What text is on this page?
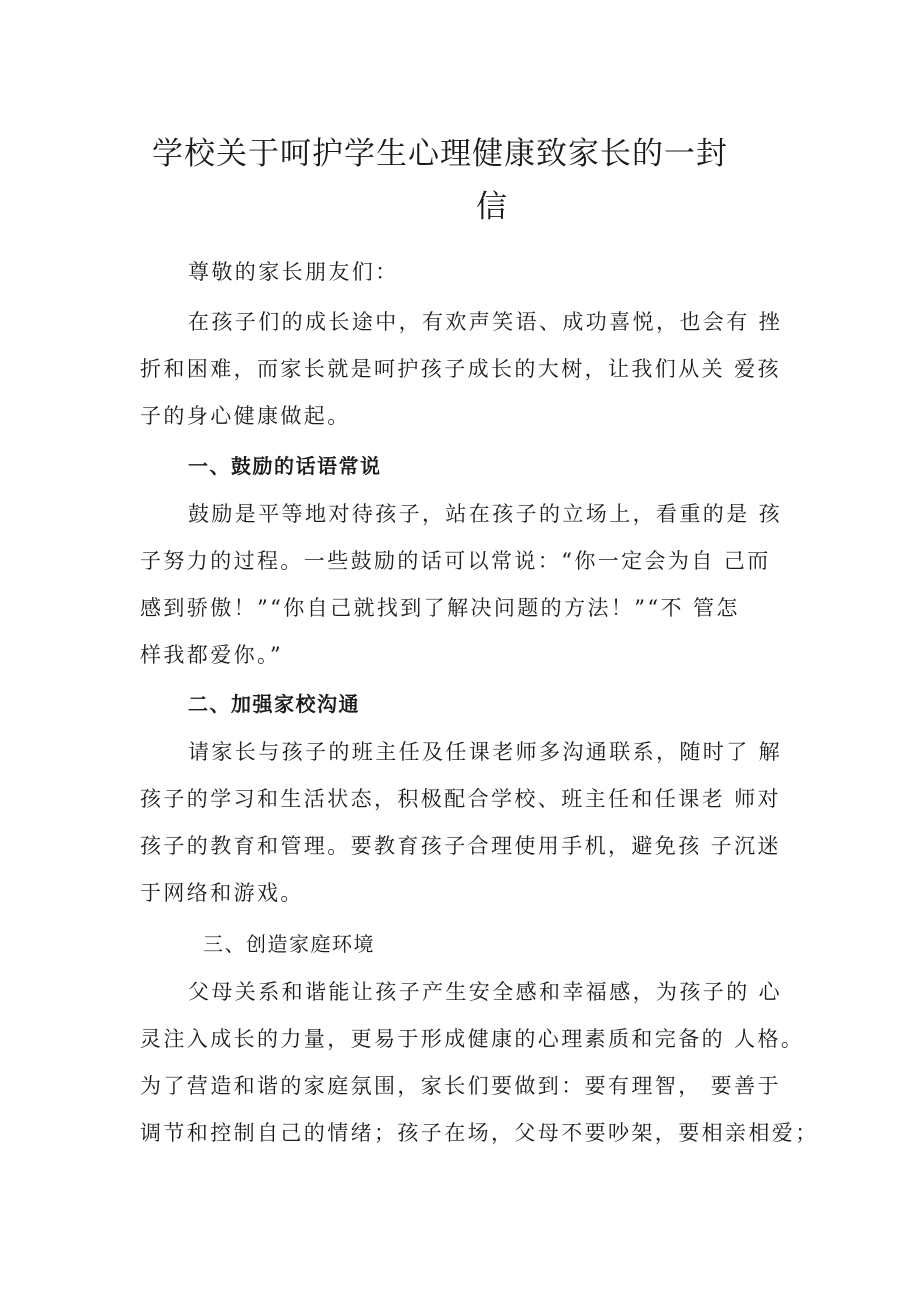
学校关于呵护学生心理健康致家长的一封
信
尊敬的家长朋友们：
在孩子们的成长途中，有欢声笑语、成功喜悦，也会有 挫
折和困难，而家长就是呵护孩子成长的大树，让我们从关 爱孩
子的身心健康做起。
一、鼓励的话语常说
鼓励是平等地对待孩子，站在孩子的立场上，看重的是 孩
子努力的过程。一些鼓励的话可以常说：“你一定会为自 己而
感到骄傲！”“你自己就找到了解决问题的方法！”“不 管怎
样我都爱你。”
二、加强家校沟通
请家长与孩子的班主任及任课老师多沟通联系，随时了 解
孩子的学习和生活状态，积极配合学校、班主任和任课老 师对
孩子的教育和管理。要教育孩子合理使用手机，避免孩 子沉迷
于网络和游戏。
三、创造家庭环境
父母关系和谐能让孩子产生安全感和幸福感，为孩子的 心
灵注入成长的力量，更易于形成健康的心理素质和完备的 人格。
为了营造和谐的家庭氛围，家长们要做到：要有理智， 要善于
调节和控制自己的情绪；孩子在场，父母不要吵架，要相亲相爱；
